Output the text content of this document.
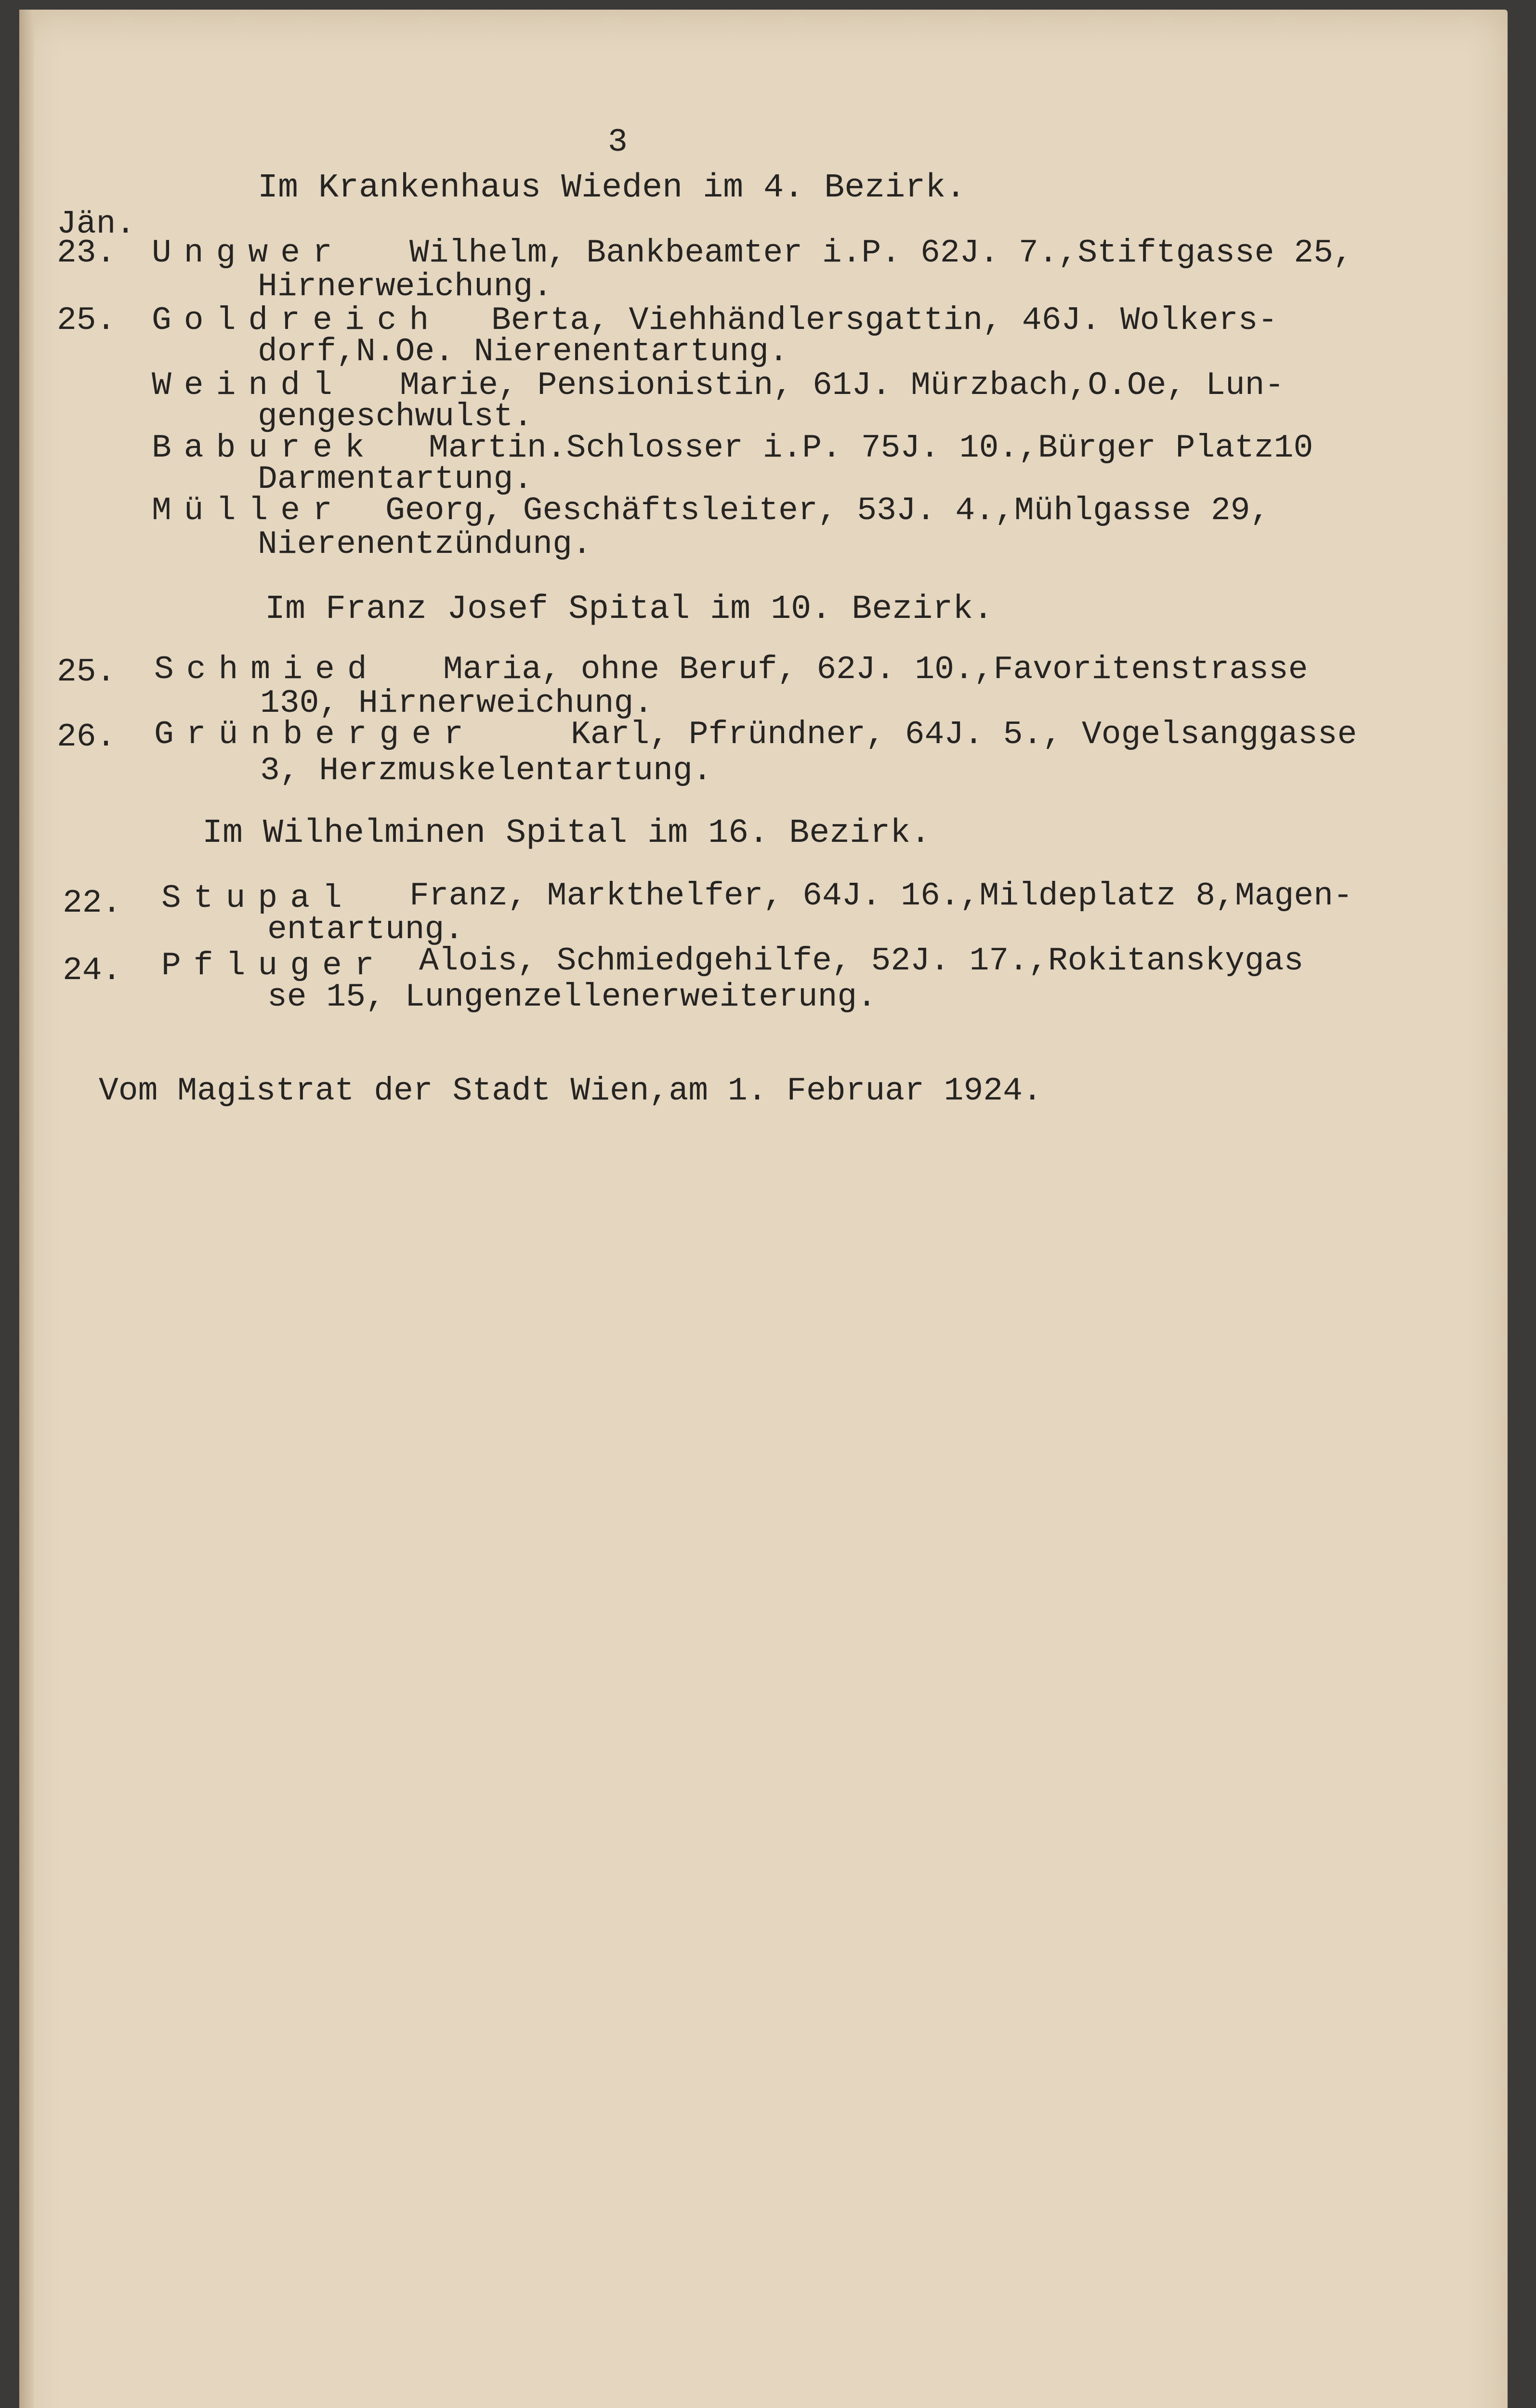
3
Im Krankenhaus Wieden im 4. Bezirk.
Jän.
23. Ungwer Wilhelm, Bankbeamter i.P. 62J. 7.,Stiftgasse 25,
Hirnerweichung.
25. Goldreich Berta, Viehhändlersgattin, 46J. Wolkers-
dorf,N.Oe. Nierenentartung.
Weindl Marie, Pensionistin, 61J. Mürzbach,O.Oe, Lun-
gengeschwulst.
Baburek Martin.Schlosser i.P. 75J. 10.,Bürger Platz10
Darmentartung.
Müller Georg, Geschäftsleiter, 53J. 4.,Mühlgasse 29,
Nierenentzündung.
Im Franz Josef Spital im 10. Bezirk.
25. Schmied Maria, ohne Beruf, 62J. 10.,Favoritenstrasse
130, Hirnerweichung.
26. Grünberger	Karl, Pfründner, 64J. 5., Vogelsanggasse
3, Herzmuskelentartung.
Im Wilhelminen Spital im 16. Bezirk.
22. Stupal Franz, Markthelfer, 64J. 16.,Mildeplatz 8,Magen-
entartung.
24. Pfluger Alois, Schmiedgehilfe, 52J. 17.,Rokitanskygas
se 15, Lungenzellenerweiterung.
Vom Magistrat der Stadt Wien,am 1. Februar 1924.
